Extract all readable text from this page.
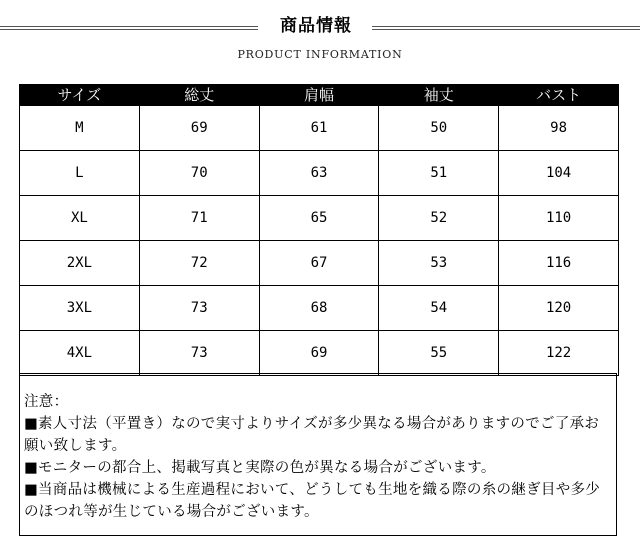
商品情報
PRODUCT INFORMATION
サイズ	総丈	肩幅	袖丈	バスト
M	69	61	50	98
L	70	63	51	104
XL	71	65	52	110
2XL	72	67	53	116
3XL	73	68	54	120
4XL	73	69	55	122

注意：

■素人寸法（平置き）なので実寸よりサイズが多少異なる場合がありますのでご了承お願い致します。

■モニターの都合上、掲載写真と実際の色が異なる場合がございます。

■当商品は機械による生産過程において、どうしても生地を織る際の糸の継ぎ目や多少のほつれ等が生じている場合がございます。
